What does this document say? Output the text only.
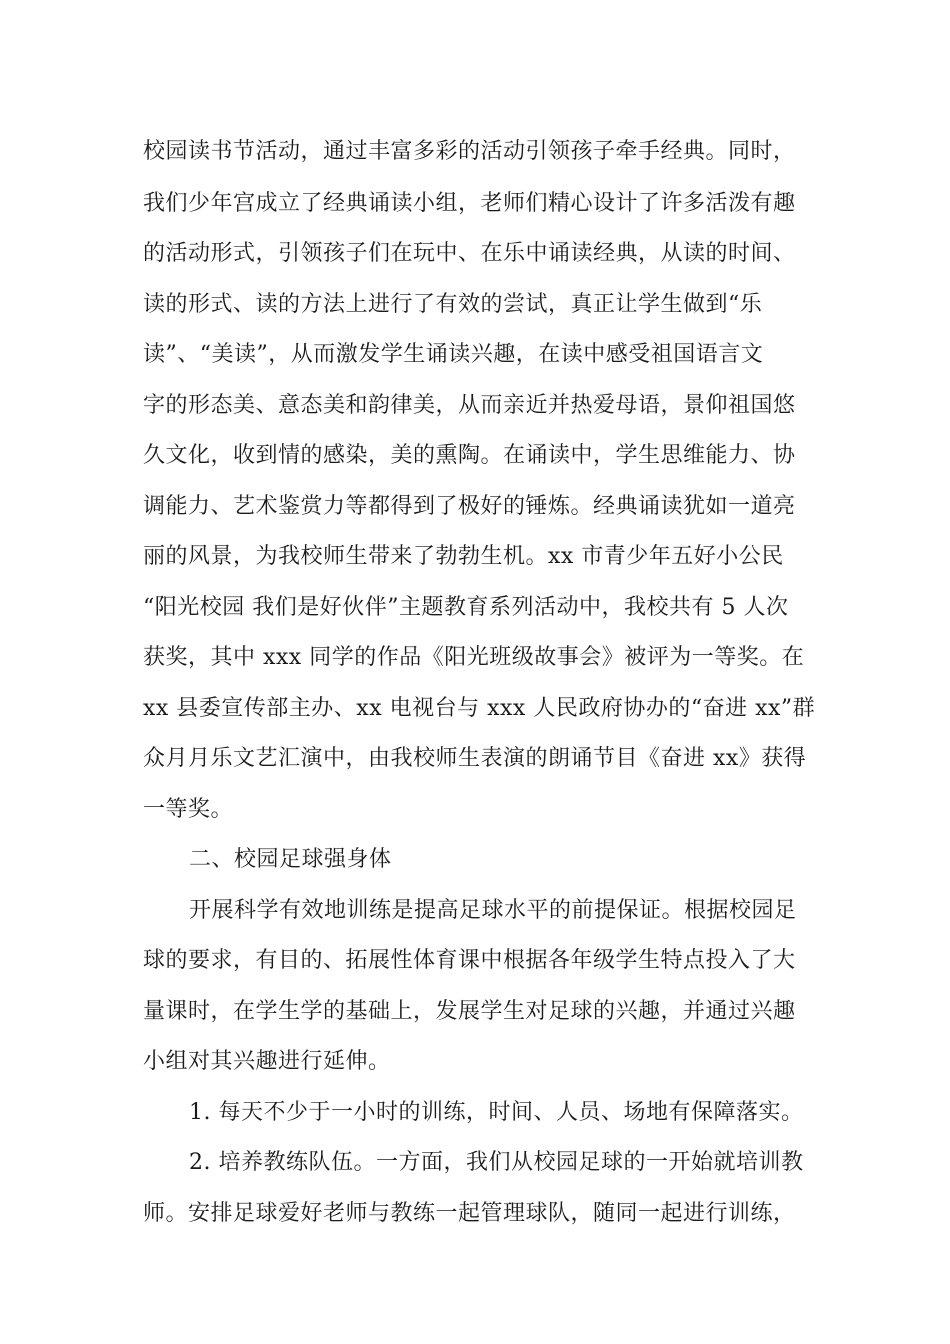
校园读书节活动，通过丰富多彩的活动引领孩子牵手经典。同时，
我们少年宫成立了经典诵读小组，老师们精心设计了许多活泼有趣
的活动形式，引领孩子们在玩中、在乐中诵读经典，从读的时间、
读的形式、读的方法上进行了有效的尝试，真正让学生做到“乐
读”、“美读”，从而激发学生诵读兴趣，在读中感受祖国语言文
字的形态美、意态美和韵律美，从而亲近并热爱母语，景仰祖国悠
久文化，收到情的感染，美的熏陶。在诵读中，学生思维能力、协
调能力、艺术鉴赏力等都得到了极好的锤炼。经典诵读犹如一道亮
丽的风景，为我校师生带来了勃勃生机。xx 市青少年五好小公民
“阳光校园 我们是好伙伴”主题教育系列活动中，我校共有 5 人次
获奖，其中 xxx 同学的作品《阳光班级故事会》被评为一等奖。在
xx 县委宣传部主办、xx 电视台与 xxx 人民政府协办的“奋进 xx”群
众月月乐文艺汇演中，由我校师生表演的朗诵节目《奋进 xx》获得
一等奖。
二、校园足球强身体
开展科学有效地训练是提高足球水平的前提保证。根据校园足
球的要求，有目的、拓展性体育课中根据各年级学生特点投入了大
量课时，在学生学的基础上，发展学生对足球的兴趣，并通过兴趣
小组对其兴趣进行延伸。
1. 每天不少于一小时的训练，时间、人员、场地有保障落实。
2. 培养教练队伍。一方面，我们从校园足球的一开始就培训教
师。安排足球爱好老师与教练一起管理球队，随同一起进行训练，
